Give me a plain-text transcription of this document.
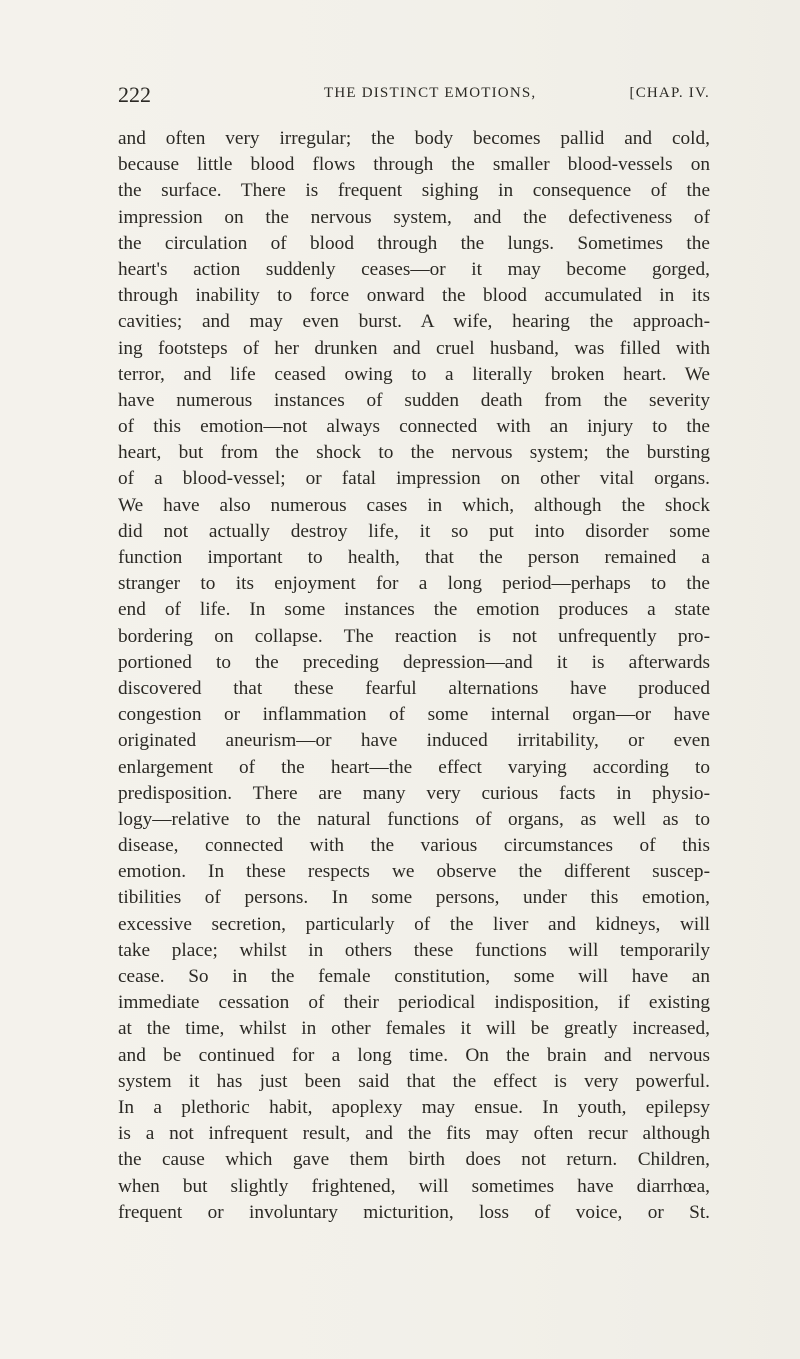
222	THE DISTINCT EMOTIONS,	[CHAP. IV.
and often very irregular; the body becomes pallid and cold,
because little blood flows through the smaller blood-vessels on
the surface. There is frequent sighing in consequence of the
impression on the nervous system, and the defectiveness of
the circulation of blood through the lungs. Sometimes the
heart's action suddenly ceases—or it may become gorged,
through inability to force onward the blood accumulated in its
cavities; and may even burst. A wife, hearing the approach-
ing footsteps of her drunken and cruel husband, was filled with
terror, and life ceased owing to a literally broken heart. We
have numerous instances of sudden death from the severity
of this emotion—not always connected with an injury to the
heart, but from the shock to the nervous system; the bursting
of a blood-vessel; or fatal impression on other vital organs.
We have also numerous cases in which, although the shock
did not actually destroy life, it so put into disorder some
function important to health, that the person remained a
stranger to its enjoyment for a long period—perhaps to the
end of life. In some instances the emotion produces a state
bordering on collapse. The reaction is not unfrequently pro-
portioned to the preceding depression—and it is afterwards
discovered that these fearful alternations have produced
congestion or inflammation of some internal organ—or have
originated aneurism—or have induced irritability, or even
enlargement of the heart—the effect varying according to
predisposition. There are many very curious facts in physio-
logy—relative to the natural functions of organs, as well as to
disease, connected with the various circumstances of this
emotion. In these respects we observe the different suscep-
tibilities of persons. In some persons, under this emotion,
excessive secretion, particularly of the liver and kidneys, will
take place; whilst in others these functions will temporarily
cease. So in the female constitution, some will have an
immediate cessation of their periodical indisposition, if existing
at the time, whilst in other females it will be greatly increased,
and be continued for a long time. On the brain and nervous
system it has just been said that the effect is very powerful.
In a plethoric habit, apoplexy may ensue. In youth, epilepsy
is a not infrequent result, and the fits may often recur although
the cause which gave them birth does not return. Children,
when but slightly frightened, will sometimes have diarrhœa,
frequent or involuntary micturition, loss of voice, or St.
